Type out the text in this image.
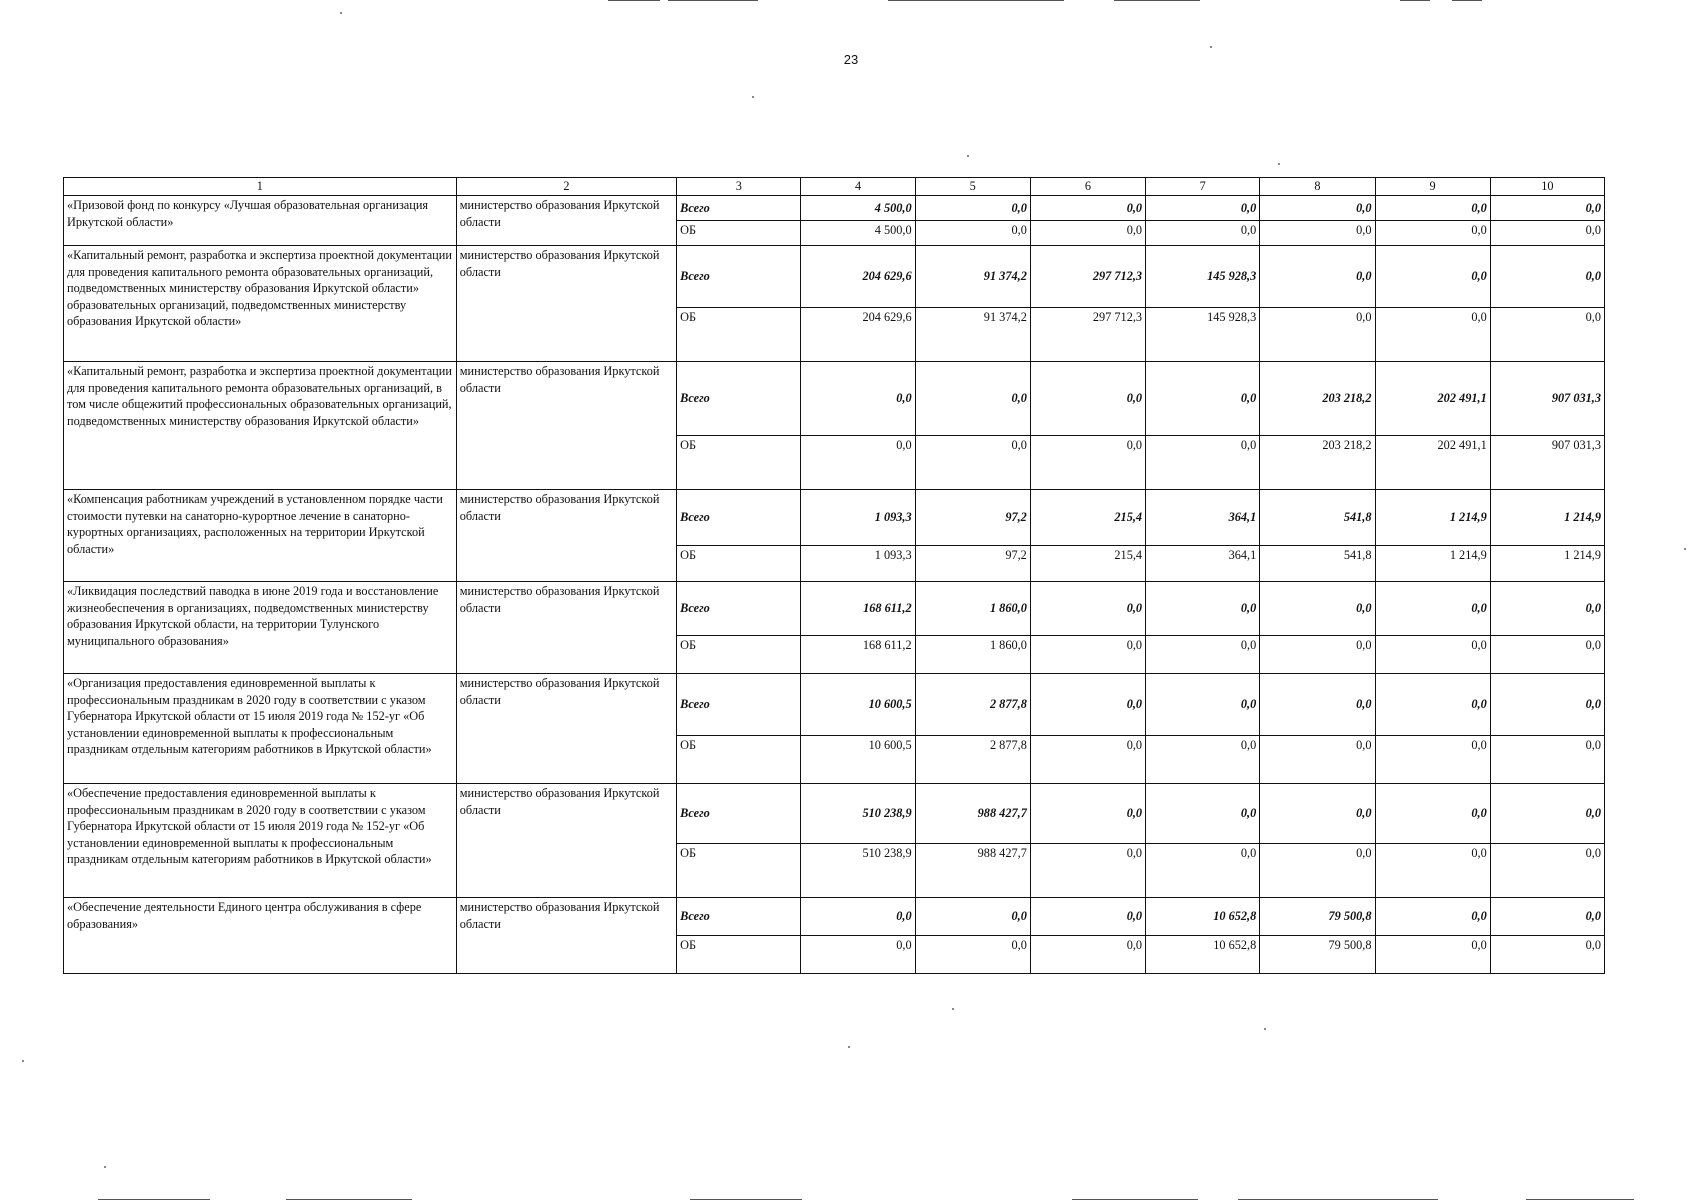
23
1	2	3	4	5	6	7	8	9	10
«Призовой фонд по конкурсу «Лучшая образовательная организация Иркутской области»	министерство образования Иркутской области	Всего	4 500,0	0,0	0,0	0,0	0,0	0,0	0,0
		ОБ	4 500,0	0,0	0,0	0,0	0,0	0,0	0,0
«Капитальный ремонт, разработка и экспертиза проектной документации для проведения капитального ремонта образовательных организаций, подведомственных министерству образования Иркутской области» образовательных организаций, подведомственных министерству образования Иркутской области»	министерство образования Иркутской области	Всего	204 629,6	91 374,2	297 712,3	145 928,3	0,0	0,0	0,0
		ОБ	204 629,6	91 374,2	297 712,3	145 928,3	0,0	0,0	0,0
«Капитальный ремонт, разработка и экспертиза проектной документации для проведения капитального ремонта образовательных организаций, в том числе общежитий профессиональных образовательных организаций, подведомственных министерству образования Иркутской области»	министерство образования Иркутской области	Всего	0,0	0,0	0,0	0,0	203 218,2	202 491,1	907 031,3
		ОБ	0,0	0,0	0,0	0,0	203 218,2	202 491,1	907 031,3
«Компенсация работникам учреждений в установленном порядке части стоимости путевки на санаторно-курортное лечение в санаторно-курортных организациях, расположенных на территории Иркутской области»	министерство образования Иркутской области	Всего	1 093,3	97,2	215,4	364,1	541,8	1 214,9	1 214,9
		ОБ	1 093,3	97,2	215,4	364,1	541,8	1 214,9	1 214,9
«Ликвидация последствий паводка в июне 2019 года и восстановление жизнеобеспечения в организациях, подведомственных министерству образования Иркутской области, на территории Тулунского муниципального образования»	министерство образования Иркутской области	Всего	168 611,2	1 860,0	0,0	0,0	0,0	0,0	0,0
		ОБ	168 611,2	1 860,0	0,0	0,0	0,0	0,0	0,0
«Организация предоставления единовременной выплаты к профессиональным праздникам в 2020 году в соответствии с указом Губернатора Иркутской области от 15 июля 2019 года № 152-уг «Об установлении единовременной выплаты к профессиональным праздникам отдельным категориям работников в Иркутской области»	министерство образования Иркутской области	Всего	10 600,5	2 877,8	0,0	0,0	0,0	0,0	0,0
		ОБ	10 600,5	2 877,8	0,0	0,0	0,0	0,0	0,0
«Обеспечение предоставления единовременной выплаты к профессиональным праздникам в 2020 году в соответствии с указом Губернатора Иркутской области от 15 июля 2019 года № 152-уг «Об установлении единовременной выплаты к профессиональным праздникам отдельным категориям работников в Иркутской области»	министерство образования Иркутской области	Всего	510 238,9	988 427,7	0,0	0,0	0,0	0,0	0,0
		ОБ	510 238,9	988 427,7	0,0	0,0	0,0	0,0	0,0
«Обеспечение деятельности Единого центра обслуживания в сфере образования»	министерство образования Иркутской области	Всего	0,0	0,0	0,0	10 652,8	79 500,8	0,0	0,0
		ОБ	0,0	0,0	0,0	10 652,8	79 500,8	0,0	0,0
